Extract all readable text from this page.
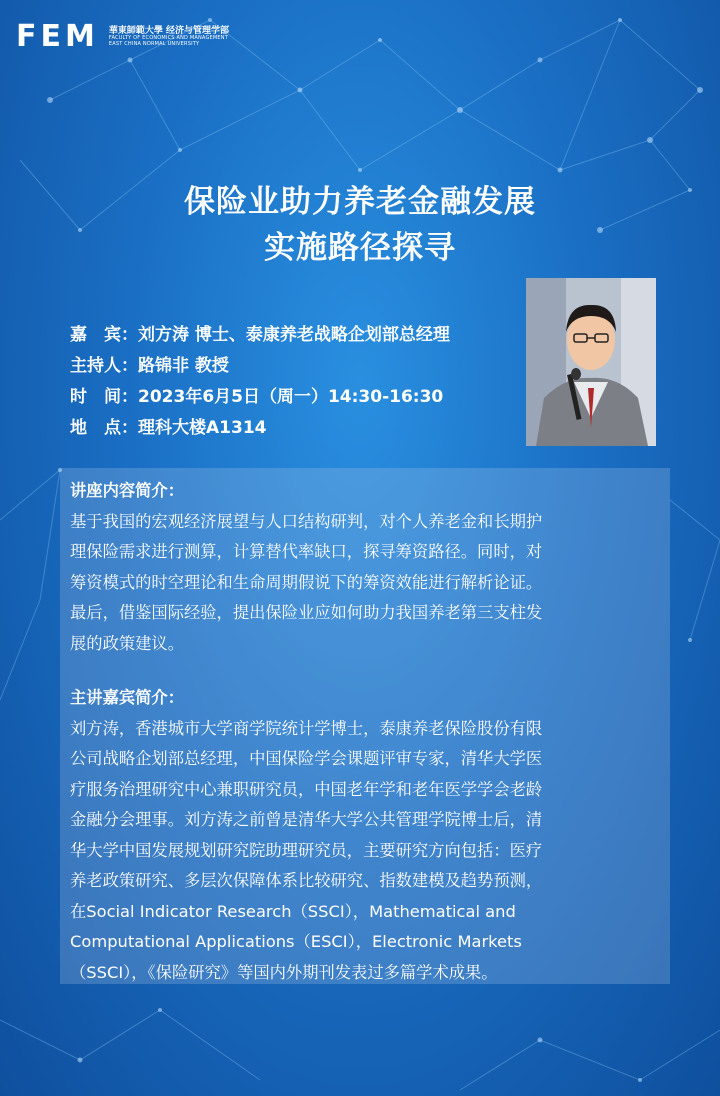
FEM 華東師範大學 经济与管理学部
FACULTY OF ECONOMICS AND MANAGEMENT
EAST CHINA NORMAL UNIVERSITY
保险业助力养老金融发展
实施路径探寻
嘉　宾：刘方涛 博士、泰康养老战略企划部总经理
主持人：路锦非 教授
时　间：2023年6月5日（周一）14:30-16:30
地　点：理科大楼A1314
讲座内容简介：
基于我国的宏观经济展望与人口结构研判，对个人养老金和长期护
理保险需求进行测算，计算替代率缺口，探寻筹资路径。同时，对
筹资模式的时空理论和生命周期假说下的筹资效能进行解析论证。
最后，借鉴国际经验，提出保险业应如何助力我国养老第三支柱发
展的政策建议。
主讲嘉宾简介：
刘方涛，香港城市大学商学院统计学博士，泰康养老保险股份有限
公司战略企划部总经理，中国保险学会课题评审专家，清华大学医
疗服务治理研究中心兼职研究员，中国老年学和老年医学学会老龄
金融分会理事。刘方涛之前曾是清华大学公共管理学院博士后，清
华大学中国发展规划研究院助理研究员，主要研究方向包括：医疗
养老政策研究、多层次保障体系比较研究、指数建模及趋势预测，
在Social Indicator Research（SSCI），Mathematical and
Computational Applications（ESCI），Electronic Markets
（SSCI），《保险研究》等国内外期刊发表过多篇学术成果。
